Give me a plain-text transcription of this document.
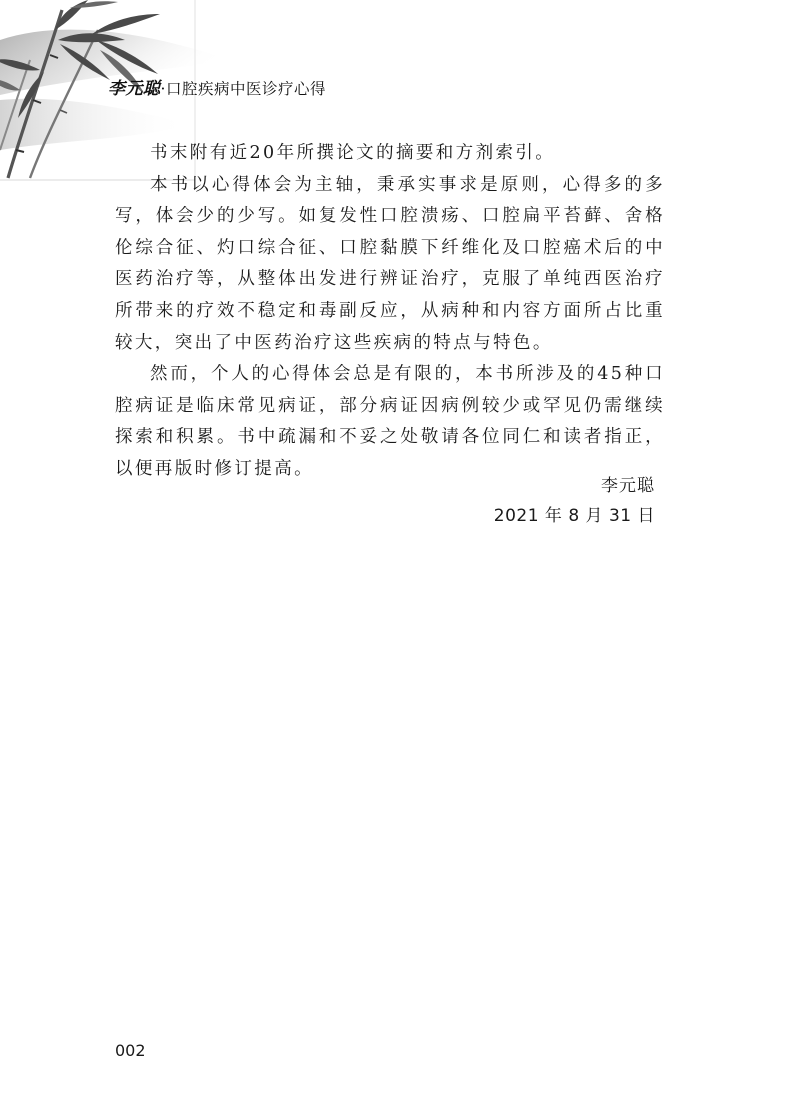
李元聪·口腔疾病中医诊疗心得

书末附有近20年所撰论文的摘要和方剂索引。

本书以心得体会为主轴，秉承实事求是原则，心得多的多写，体会少的少写。如复发性口腔溃疡、口腔扁平苔藓、舍格伦综合征、灼口综合征、口腔黏膜下纤维化及口腔癌术后的中医药治疗等，从整体出发进行辨证治疗，克服了单纯西医治疗所带来的疗效不稳定和毒副反应，从病种和内容方面所占比重较大，突出了中医药治疗这些疾病的特点与特色。

然而，个人的心得体会总是有限的，本书所涉及的45种口腔病证是临床常见病证，部分病证因病例较少或罕见仍需继续探索和积累。书中疏漏和不妥之处敬请各位同仁和读者指正，以便再版时修订提高。

李元聪
2021 年 8 月 31 日
002
